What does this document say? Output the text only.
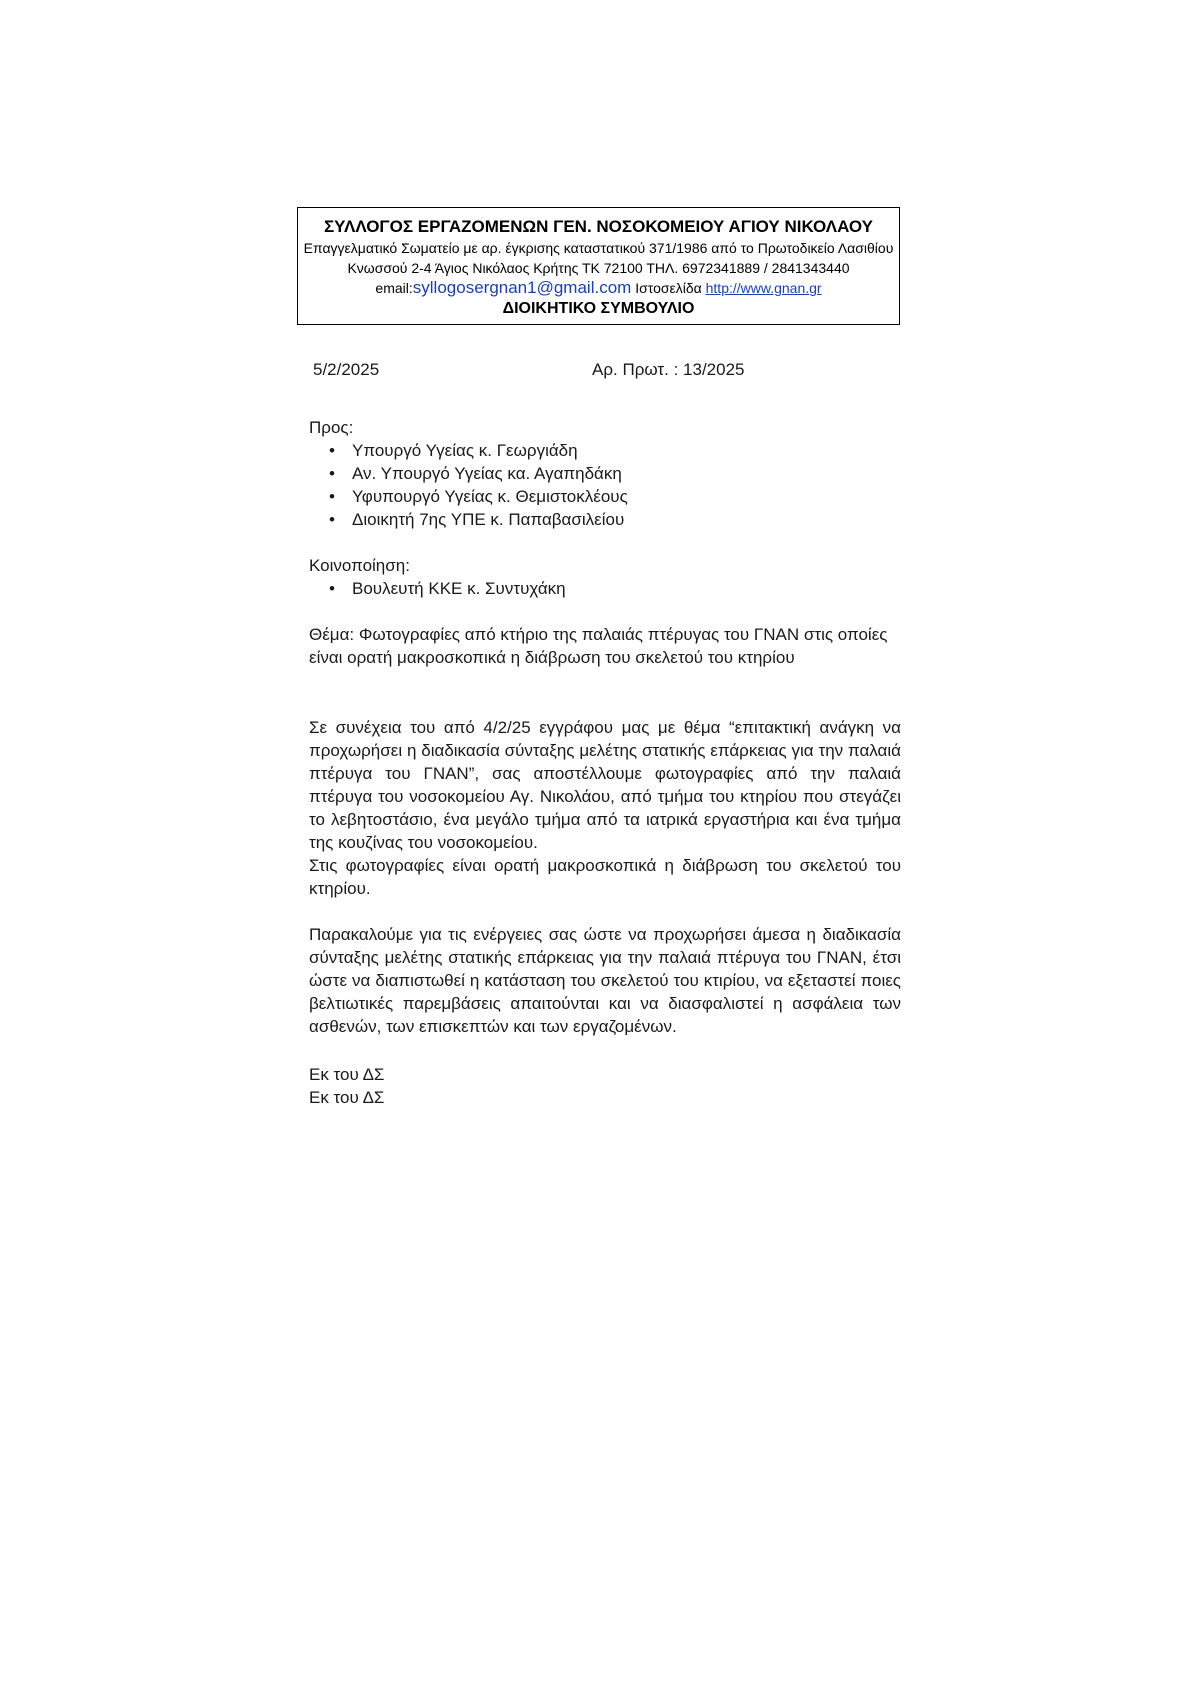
ΣΥΛΛΟΓΟΣ ΕΡΓΑΖΟΜΕΝΩΝ ΓΕΝ. ΝΟΣΟΚΟΜΕΙΟΥ ΑΓΙΟΥ ΝΙΚΟΛΑΟΥ
Επαγγελματικό Σωματείο με αρ. έγκρισης καταστατικού 371/1986 από το Πρωτοδικείο Λασιθίου
Κνωσσού 2-4 Άγιος Νικόλαος Κρήτης ΤΚ 72100 ΤΗΛ. 6972341889 / 2841343440
email:syllogosergnan1@gmail.com Ιστοσελίδα http://www.gnan.gr
ΔΙΟΙΚΗΤΙΚΟ ΣΥΜΒΟΥΛΙΟ
5/2/2025	Αρ. Πρωτ. : 13/2025

Προς:

• Υπουργό Υγείας κ. Γεωργιάδη
• Αν. Υπουργό Υγείας κα. Αγαπηδάκη
• Υφυπουργό Υγείας κ. Θεμιστοκλέους
• Διοικητή 7ης ΥΠΕ κ. Παπαβασιλείου

Κοινοποίηση:

• Βουλευτή ΚΚΕ κ. Συντυχάκη

Θέμα: Φωτογραφίες από κτήριο της παλαιάς πτέρυγας του ΓΝΑΝ στις οποίες είναι ορατή μακροσκοπικά η διάβρωση του σκελετού του κτηρίου

Σε συνέχεια του από 4/2/25 εγγράφου μας με θέμα “επιτακτική ανάγκη να προχωρήσει η διαδικασία σύνταξης μελέτης στατικής επάρκειας για την παλαιά πτέρυγα του ΓΝΑΝ”, σας αποστέλλουμε φωτογραφίες από την παλαιά πτέρυγα του νοσοκομείου Αγ. Νικολάου, από τμήμα του κτηρίου που στεγάζει το λεβητοστάσιο, ένα μεγάλο τμήμα από τα ιατρικά εργαστήρια και ένα τμήμα της κουζίνας του νοσοκομείου.

Στις φωτογραφίες είναι ορατή μακροσκοπικά η διάβρωση του σκελετού του κτηρίου.

Παρακαλούμε για τις ενέργειες σας ώστε να προχωρήσει άμεσα η διαδικασία σύνταξης μελέτης στατικής επάρκειας για την παλαιά πτέρυγα του ΓΝΑΝ, έτσι ώστε να διαπιστωθεί η κατάσταση του σκελετού του κτιρίου, να εξεταστεί ποιες βελτιωτικές παρεμβάσεις απαιτούνται και να διασφαλιστεί η ασφάλεια των ασθενών, των επισκεπτών και των εργαζομένων.

Εκ του ΔΣ

Εκ του ΔΣ
